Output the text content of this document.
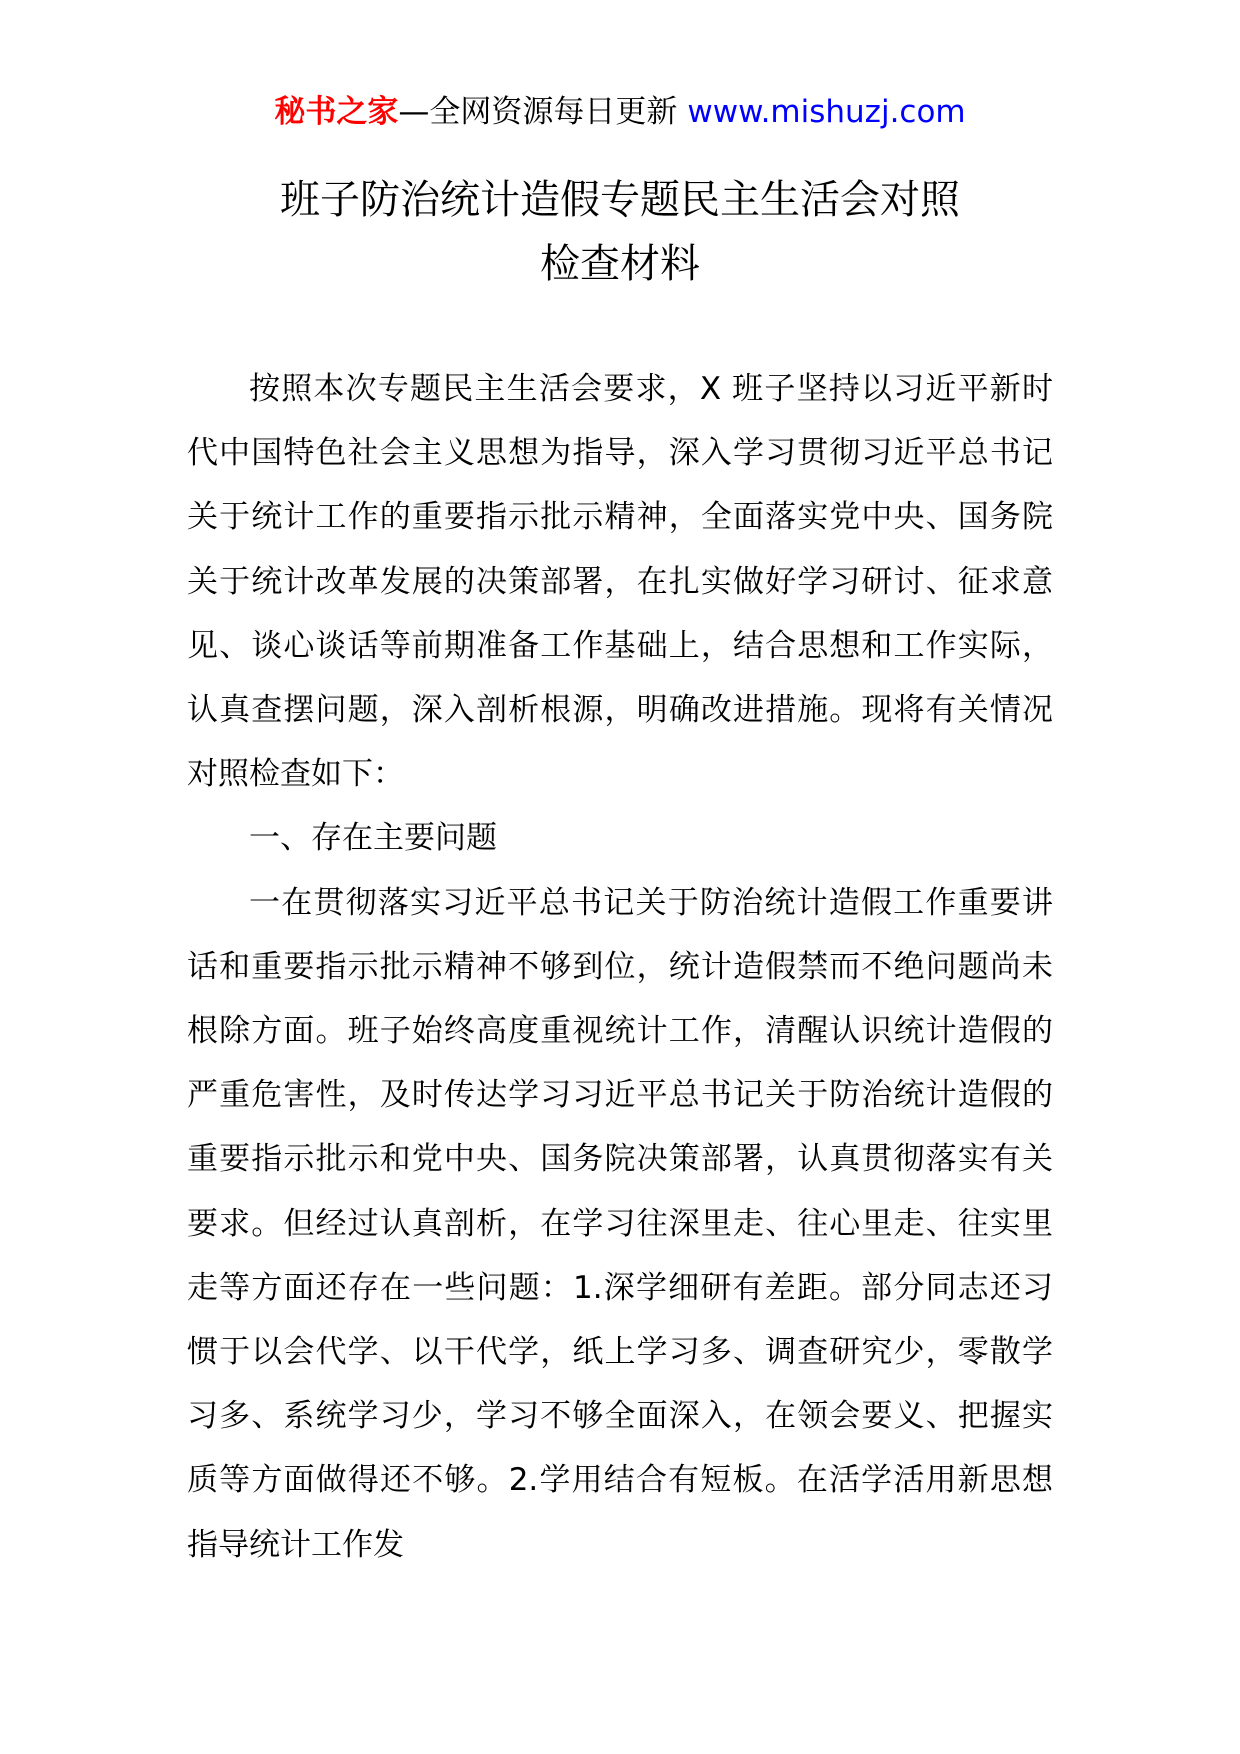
秘书之家—全网资源每日更新 www.mishuzj.com
班子防治统计造假专题民主生活会对照
检查材料

按照本次专题民主生活会要求，X 班子坚持以习近平新时代中国特色社会主义思想为指导，深入学习贯彻习近平总书记关于统计工作的重要指示批示精神，全面落实党中央、国务院关于统计改革发展的决策部署，在扎实做好学习研讨、征求意见、谈心谈话等前期准备工作基础上，结合思想和工作实际，认真查摆问题，深入剖析根源，明确改进措施。现将有关情况对照检查如下：

一、存在主要问题

一在贯彻落实习近平总书记关于防治统计造假工作重要讲话和重要指示批示精神不够到位，统计造假禁而不绝问题尚未根除方面。班子始终高度重视统计工作，清醒认识统计造假的严重危害性，及时传达学习习近平总书记关于防治统计造假的重要指示批示和党中央、国务院决策部署，认真贯彻落实有关要求。但经过认真剖析，在学习往深里走、往心里走、往实里走等方面还存在一些问题：1.深学细研有差距。部分同志还习惯于以会代学、以干代学，纸上学习多、调查研究少，零散学习多、系统学习少，学习不够全面深入，在领会要义、把握实质等方面做得还不够。2.学用结合有短板。在活学活用新思想指导统计工作发
